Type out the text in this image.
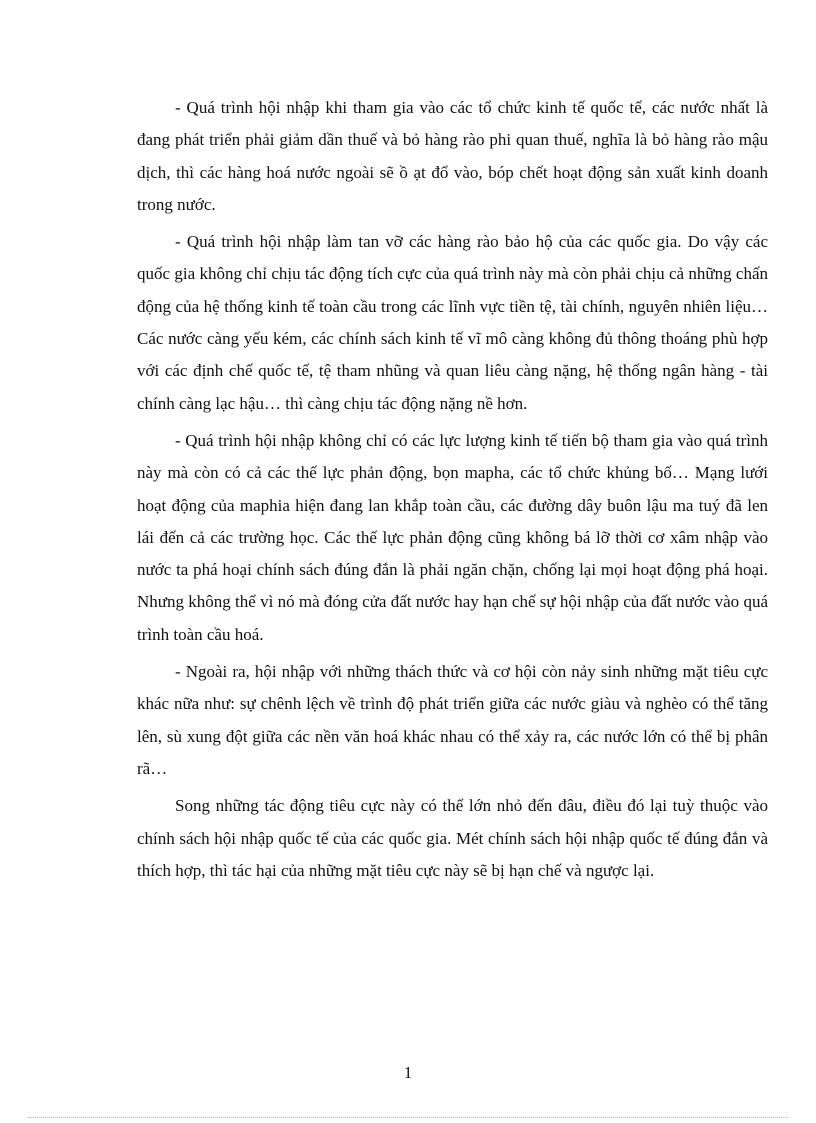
- Quá trình hội nhập khi tham gia vào các tổ chức kinh tế quốc tế, các nước nhất là đang phát triển phải giảm dần thuế và bỏ hàng rào phi quan thuế, nghĩa là bỏ hàng rào mậu dịch, thì các hàng hoá nước ngoài sẽ ồ ạt đổ vào, bóp chết hoạt động sản xuất kinh doanh trong nước.

- Quá trình hội nhập làm tan vỡ các hàng rào bảo hộ của các quốc gia. Do vậy các quốc gia không chỉ chịu tác động tích cực của quá trình này mà còn phải chịu cả những chấn động của hệ thống kinh tế toàn cầu trong các lĩnh vực tiền tệ, tài chính, nguyên nhiên liệu… Các nước càng yếu kém, các chính sách kinh tế vĩ mô càng không đủ thông thoáng phù hợp với các định chế quốc tế, tệ tham nhũng và quan liêu càng nặng, hệ thống ngân hàng - tài chính càng lạc hậu… thì càng chịu tác động nặng nề hơn.

- Quá trình hội nhập không chỉ có các lực lượng kinh tế tiến bộ tham gia vào quá trình này mà còn có cả các thế lực phản động, bọn mapha, các tổ chức khủng bố… Mạng lưới hoạt động của maphia hiện đang lan khắp toàn cầu, các đường dây buôn lậu ma tuý đã len lái đến cả các trường học. Các thế lực phản động cũng không bá lỡ thời cơ xâm nhập vào nước ta phá hoại chính sách đúng đắn là phải ngăn chặn, chống lại mọi hoạt động phá hoại. Nhưng không thể vì nó mà đóng cửa đất nước hay hạn chế sự hội nhập của đất nước vào quá trình toàn cầu hoá.

- Ngoài ra, hội nhập với những thách thức và cơ hội còn nảy sinh những mặt tiêu cực khác nữa như: sự chênh lệch về trình độ phát triển giữa các nước giàu và nghèo có thể tăng lên, sù xung đột giữa các nền văn hoá khác nhau có thể xảy ra, các nước lớn có thể bị phân rã…

Song những tác động tiêu cực này có thể lớn nhỏ đến đâu, điều đó lại tuỳ thuộc vào chính sách hội nhập quốc tế của các quốc gia. Mét chính sách hội nhập quốc tế đúng đắn và thích hợp, thì tác hại của những mặt tiêu cực này sẽ bị hạn chế và ngược lại.

1
